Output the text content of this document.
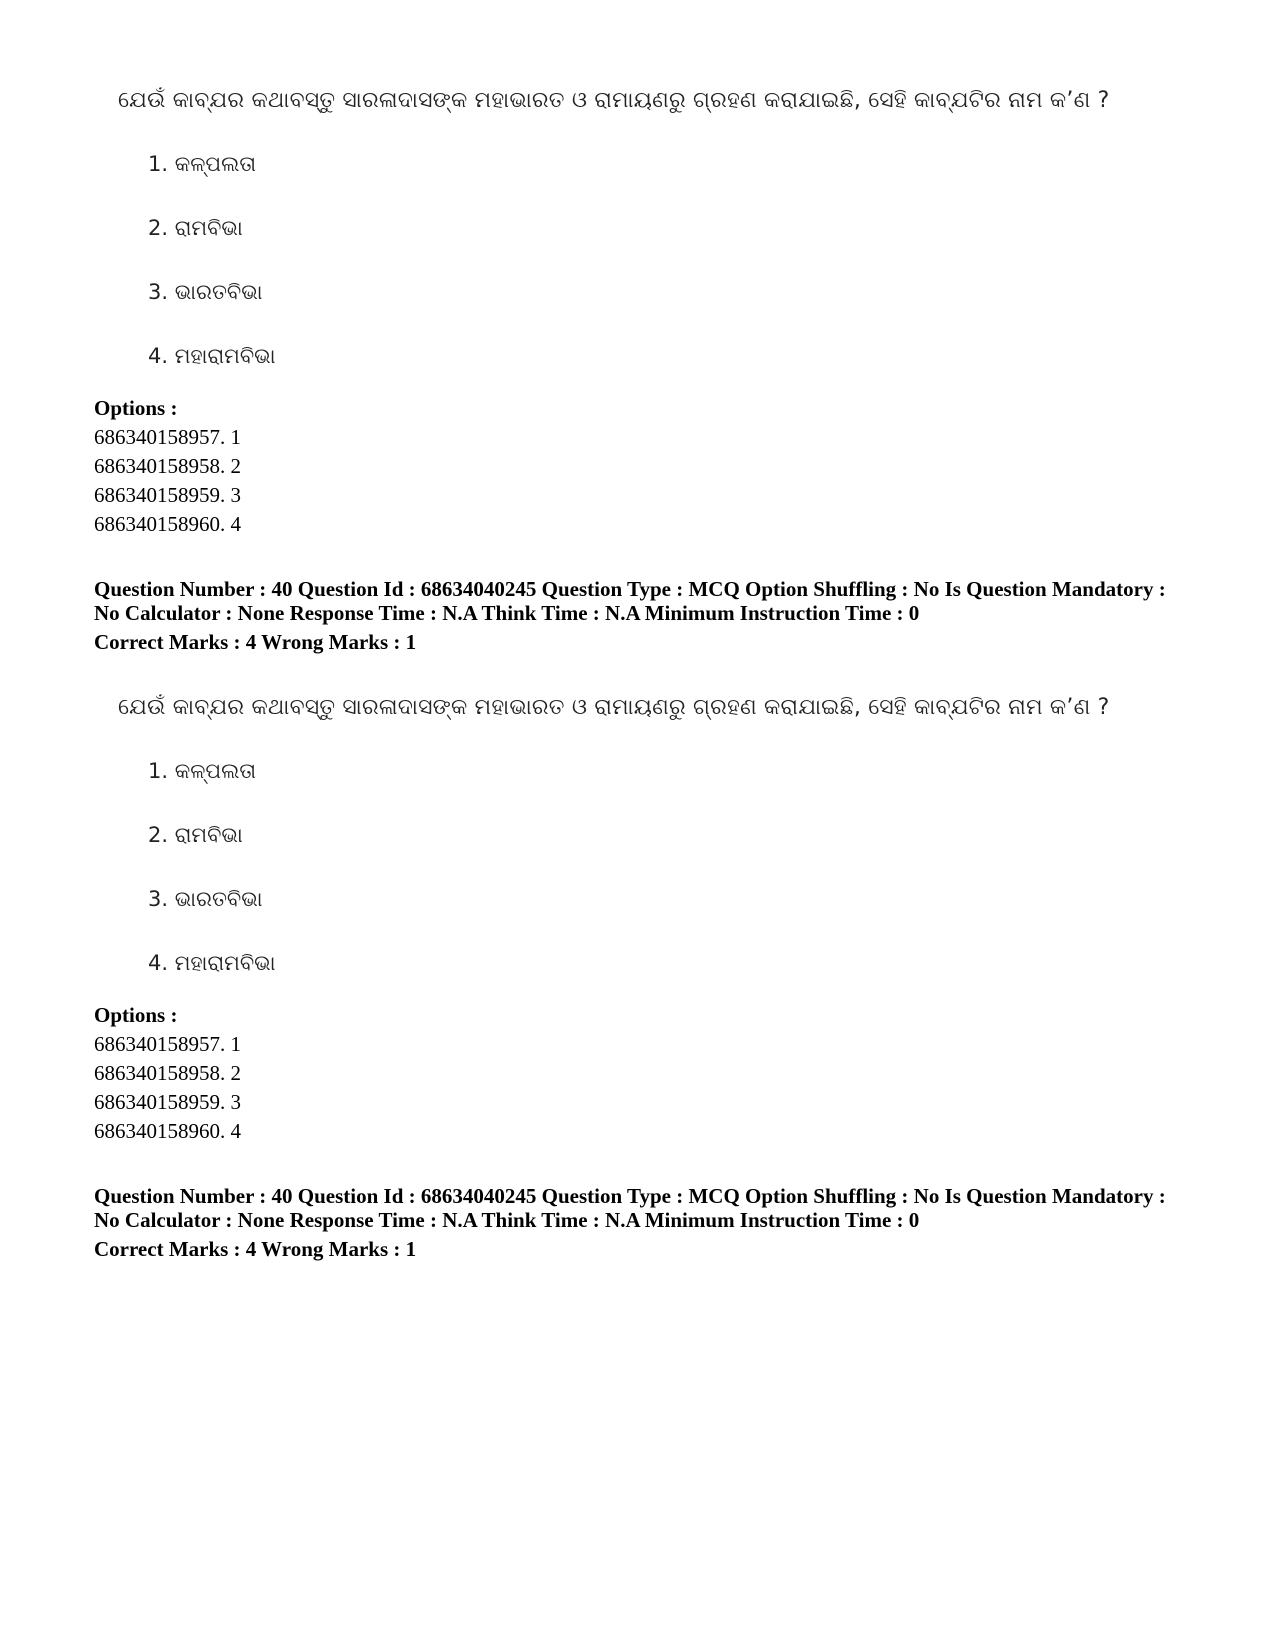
ଯେଉଁ କାବ୍ଯର କଥାବସ୍ତୁ ସାରଳାଦାସଙ୍କ ମହାଭାରତ ଓ ରାମାୟଣରୁ ଗ୍ରହଣ କରାଯାଇଛି, ସେହି କାବ୍ଯଟିର ନାମ କ’ଣ ?
1. କଳ୍ପଲତା
2. ରାମବିଭା
3. ଭାରତବିଭା
4. ମହାରାମବିଭା
Options :
686340158957. 1
686340158958. 2
686340158959. 3
686340158960. 4
Question Number : 40 Question Id : 68634040245 Question Type : MCQ Option Shuffling : No Is Question Mandatory :
No Calculator : None Response Time : N.A Think Time : N.A Minimum Instruction Time : 0
Correct Marks : 4 Wrong Marks : 1
ଯେଉଁ କାବ୍ଯର କଥାବସ୍ତୁ ସାରଳାଦାସଙ୍କ ମହାଭାରତ ଓ ରାମାୟଣରୁ ଗ୍ରହଣ କରାଯାଇଛି, ସେହି କାବ୍ଯଟିର ନାମ କ’ଣ ?
1. କଳ୍ପଲତା
2. ରାମବିଭା
3. ଭାରତବିଭା
4. ମହାରାମବିଭା
Options :
686340158957. 1
686340158958. 2
686340158959. 3
686340158960. 4
Question Number : 40 Question Id : 68634040245 Question Type : MCQ Option Shuffling : No Is Question Mandatory :
No Calculator : None Response Time : N.A Think Time : N.A Minimum Instruction Time : 0
Correct Marks : 4 Wrong Marks : 1
